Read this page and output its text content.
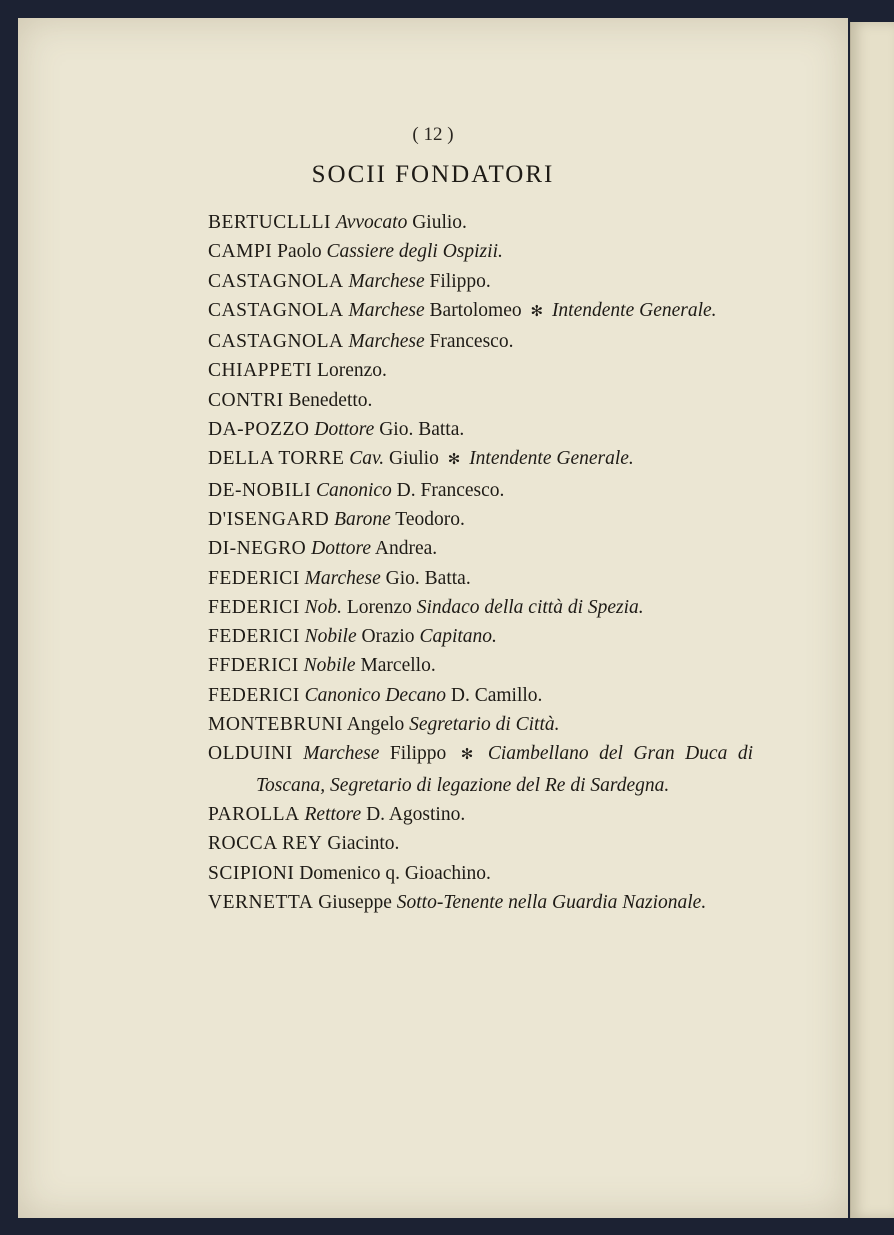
( 12 )
SOCII FONDATORI
BERTUCLLLI Avvocato Giulio.
CAMPI Paolo Cassiere degli Ospizii.
CASTAGNOLA Marchese Filippo.
CASTAGNOLA Marchese Bartolomeo ✻ Intendente Generale.
CASTAGNOLA Marchese Francesco.
CHIAPPETI Lorenzo.
CONTRI Benedetto.
DA-POZZO Dottore Gio. Batta.
DELLA TORRE Cav. Giulio ✻ Intendente Generale.
DE-NOBILI Canonico D. Francesco.
D'ISENGARD Barone Teodoro.
DI-NEGRO Dottore Andrea.
FEDERICI Marchese Gio. Batta.
FEDERICI Nob. Lorenzo Sindaco della città di Spezia.
FEDERICI Nobile Orazio Capitano.
FFDERICI Nobile Marcello.
FEDERICI Canonico Decano D. Camillo.
MONTEBRUNI Angelo Segretario di Città.
OLDUINI Marchese Filippo ✻ Ciambellano del Gran Duca di Toscana, Segretario di legazione del Re di Sardegna.
PAROLLA Rettore D. Agostino.
ROCCA REY Giacinto.
SCIPIONI Domenico q. Gioachino.
VERNETTA Giuseppe Sotto-Tenente nella Guardia Nazionale.
